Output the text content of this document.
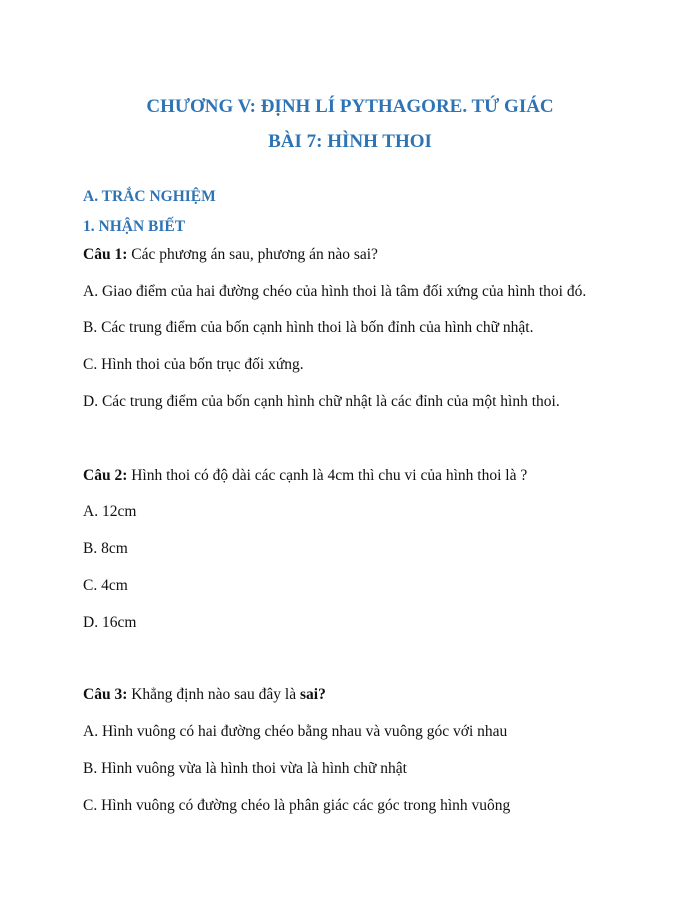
CHƯƠNG V: ĐỊNH LÍ PYTHAGORE. TỨ GIÁC
BÀI 7: HÌNH THOI
A. TRẮC NGHIỆM
1. NHẬN BIẾT
Câu 1: Các phương án sau, phương án nào sai?
A. Giao điểm của hai đường chéo của hình thoi là tâm đối xứng của hình thoi đó.
B. Các trung điểm của bốn cạnh hình thoi là bốn đỉnh của hình chữ nhật.
C. Hình thoi của bốn trục đối xứng.
D. Các trung điểm của bốn cạnh hình chữ nhật là các đỉnh của một hình thoi.
Câu 2: Hình thoi có độ dài các cạnh là 4cm thì chu vi của hình thoi là ?
A. 12cm
B. 8cm
C. 4cm
D. 16cm
Câu 3: Khẳng định nào sau đây là sai?
A. Hình vuông có hai đường chéo bằng nhau và vuông góc với nhau
B. Hình vuông vừa là hình thoi vừa là hình chữ nhật
C. Hình vuông có đường chéo là phân giác các góc trong hình vuông
